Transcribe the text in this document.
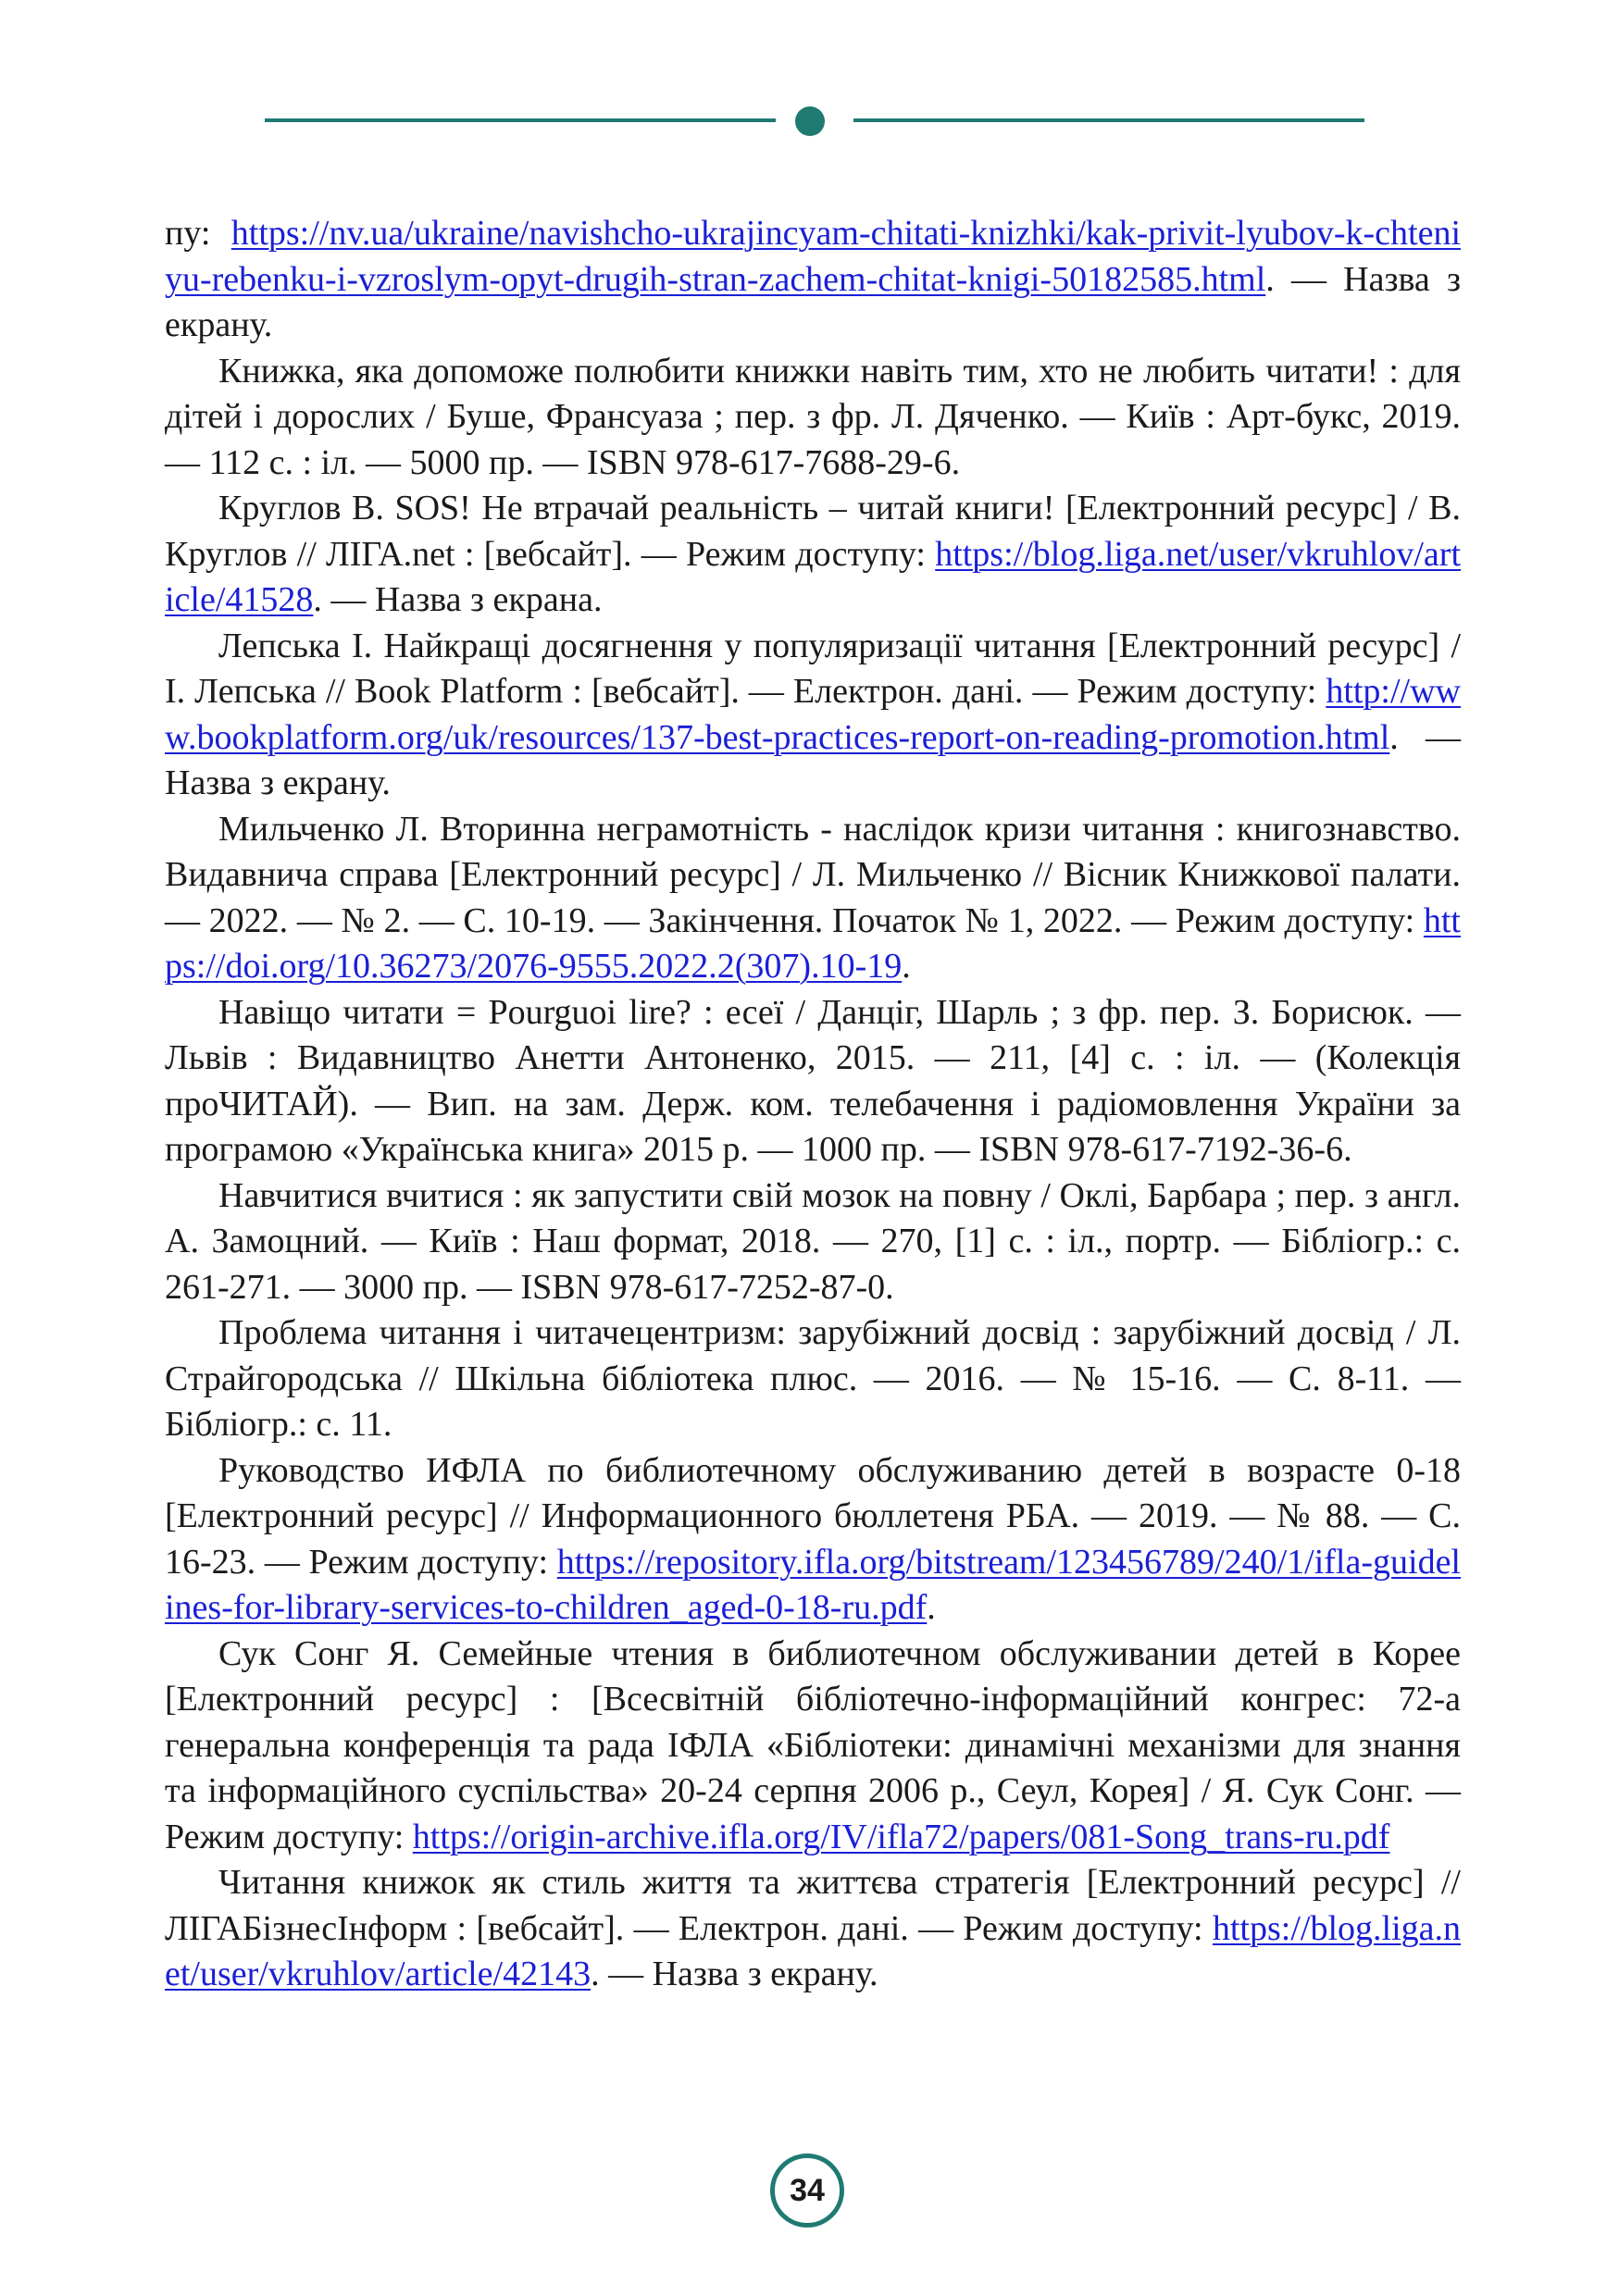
пу: https://nv.ua/ukraine/navishcho-ukrajincyam-chitati-knizhki/kak-privit-lyubov-k-chteniyu-rebenku-i-vzroslym-opyt-drugih-stran-zachem-chitat-knigi-50182585.html. — Назва з екрану.

Книжка, яка допоможе полюбити книжки навіть тим, хто не любить читати! : для дітей і дорослих / Буше, Франсуаза ; пер. з фр. Л. Дяченко. — Київ : Арт-букс, 2019. — 112 с. : іл. — 5000 пр. — ISBN 978-617-7688-29-6.

Круглов В. SOS! Не втрачай реальність – читай книги! [Електронний ресурс] / В. Круглов // ЛІГА.net : [вебсайт]. — Режим доступу: https://blog.liga.net/user/vkruhlov/article/41528. — Назва з екрана.

Лепська І. Найкращі досягнення у популяризації читання [Електронний ресурс] / І. Лепська // Book Platform : [вебсайт]. — Електрон. дані. — Режим доступу: http://www.bookplatform.org/uk/resources/137-best-practices-report-on-reading-promotion.html. — Назва з екрану.

Мильченко Л. Вторинна неграмотність - наслідок кризи читання : книгознавство. Видавнича справа [Електронний ресурс] / Л. Мильченко // Вісник Книжкової палати. — 2022. — № 2. — С. 10-19. — Закінчення. Початок № 1, 2022. — Режим доступу: https://doi.org/10.36273/2076-9555.2022.2(307).10-19.

Навіщо читати = Pourguoi lire? : есеї / Данціг, Шарль ; з фр. пер. З. Борисюк. — Львів : Видавництво Анетти Антоненко, 2015. — 211, [4] с. : іл. — (Колекція проЧИТАЙ). — Вип. на зам. Держ. ком. телебачення і радіомовлення України за програмою «Українська книга» 2015 р. — 1000 пр. — ISBN 978-617-7192-36-6.

Навчитися вчитися : як запустити свій мозок на повну / Оклі, Барбара ; пер. з англ. А. Замоцний. — Київ : Наш формат, 2018. — 270, [1] с. : іл., портр. — Бібліогр.: с. 261-271. — 3000 пр. — ISBN 978-617-7252-87-0.

Проблема читання і читачецентризм: зарубіжний досвід : зарубіжний досвід / Л. Страйгородська // Шкільна бібліотека плюс. — 2016. — № 15-16. — С. 8-11. — Бібліогр.: с. 11.

Руководство ИФЛА по библиотечному обслуживанию детей в возрасте 0-18 [Електронний ресурс] // Информационного бюллетеня РБА. — 2019. — № 88. — С. 16-23. — Режим доступу: https://repository.ifla.org/bitstream/123456789/240/1/ifla-guidelines-for-library-services-to-children_aged-0-18-ru.pdf.

Сук Сонг Я. Семейные чтения в библиотечном обслуживании детей в Корее [Електронний ресурс] : [Всесвітній бібліотечно-інформаційний конгрес: 72-а генеральна конференція та рада ІФЛА «Бібліотеки: динамічні механізми для знання та інформаційного суспільства» 20-24 серпня 2006 р., Сеул, Корея] / Я. Сук Сонг. — Режим доступу: https://origin-archive.ifla.org/IV/ifla72/papers/081-Song_trans-ru.pdf

Читання книжок як стиль життя та життєва стратегія [Електронний ресурс] // ЛІГАБізнесІнформ : [вебсайт]. — Електрон. дані. — Режим доступу: https://blog.liga.net/user/vkruhlov/article/42143. — Назва з екрану.

34
